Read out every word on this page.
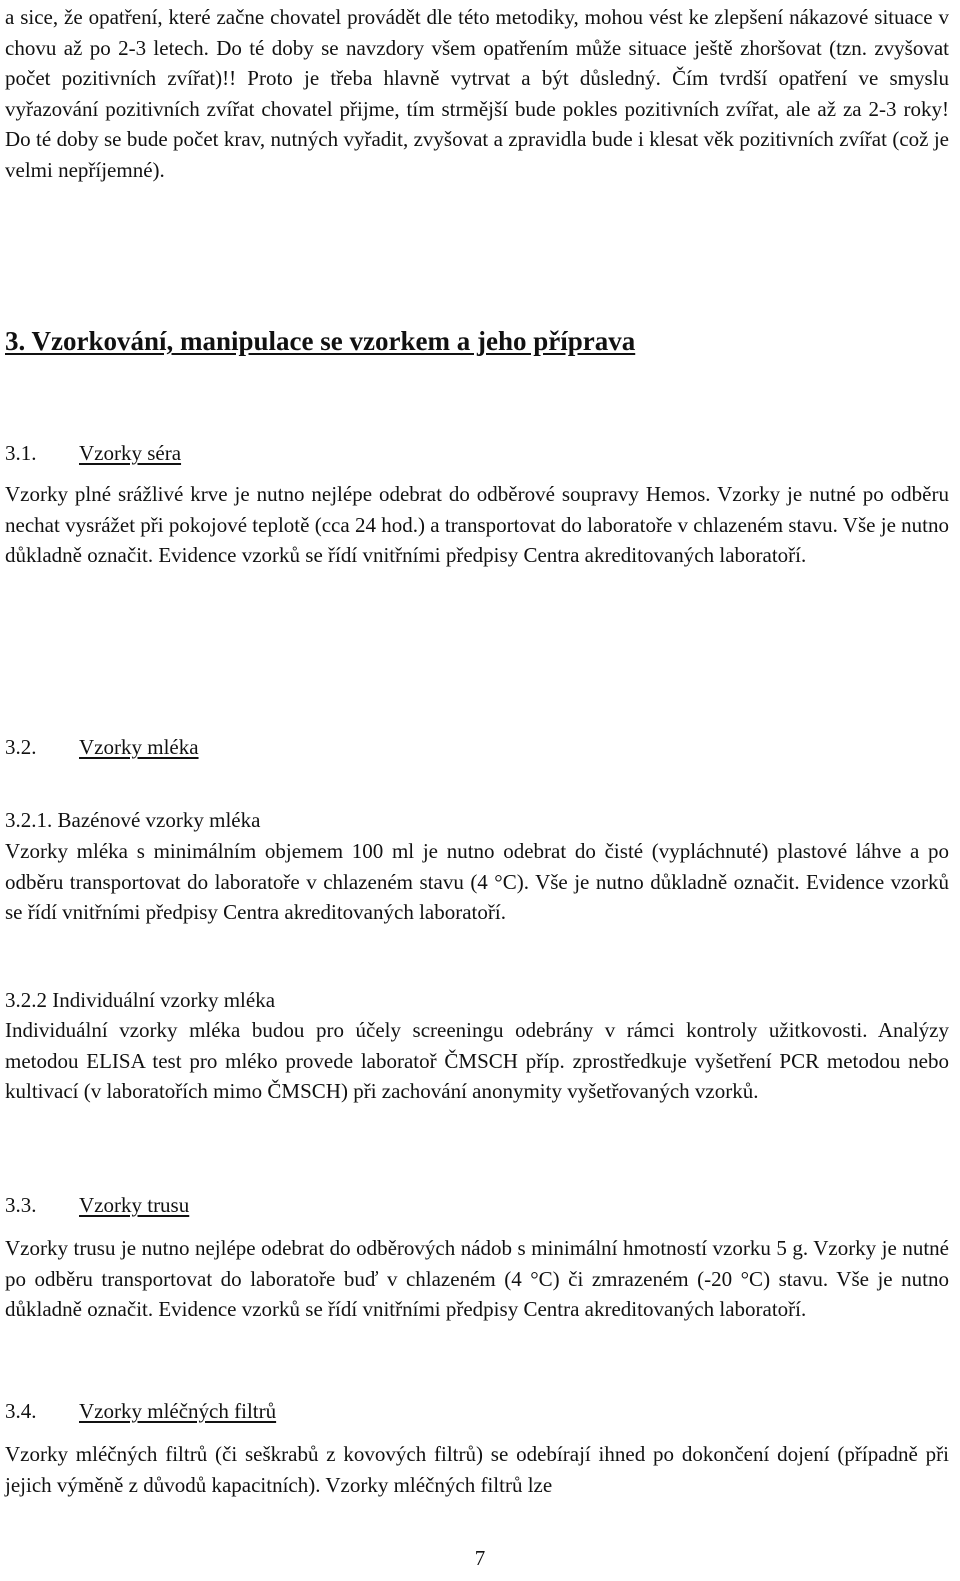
a sice, že opatření, které začne chovatel provádět dle této metodiky, mohou vést ke zlepšení nákazové situace v chovu až po 2-3 letech. Do té doby se navzdory všem opatřením může situace ještě zhoršovat (tzn. zvyšovat počet pozitivních zvířat)!! Proto je třeba hlavně vytrvat a být důsledný. Čím tvrdší opatření ve smyslu vyřazování pozitivních zvířat chovatel přijme, tím strmější bude pokles pozitivních zvířat, ale až za 2-3 roky! Do té doby se bude počet krav, nutných vyřadit, zvyšovat a zpravidla bude i klesat věk pozitivních zvířat (což je velmi nepříjemné).

3. Vzorkování, manipulace se vzorkem a jeho příprava
3.1. Vzorky séra

Vzorky plné srážlivé krve je nutno nejlépe odebrat do odběrové soupravy Hemos. Vzorky je nutné po odběru nechat vysrážet při pokojové teplotě (cca 24 hod.) a transportovat do laboratoře v chlazeném stavu. Vše je nutno důkladně označit. Evidence vzorků se řídí vnitřními předpisy Centra akreditovaných laboratoří.

3.2. Vzorky mléka
3.2.1. Bazénové vzorky mléka

Vzorky mléka s minimálním objemem 100 ml je nutno odebrat do čisté (vypláchnuté) plastové láhve a po odběru transportovat do laboratoře v chlazeném stavu (4 °C). Vše je nutno důkladně označit. Evidence vzorků se řídí vnitřními předpisy Centra akreditovaných laboratoří.

3.2.2 Individuální vzorky mléka

Individuální vzorky mléka budou pro účely screeningu odebrány v rámci kontroly užitkovosti. Analýzy metodou ELISA test pro mléko provede laboratoř ČMSCH příp. zprostředkuje vyšetření PCR metodou nebo kultivací (v laboratořích mimo ČMSCH) při zachování anonymity vyšetřovaných vzorků.

3.3. Vzorky trusu

Vzorky trusu je nutno nejlépe odebrat do odběrových nádob s minimální hmotností vzorku 5 g. Vzorky je nutné po odběru transportovat do laboratoře buď v chlazeném (4 °C) či zmrazeném (-20 °C) stavu. Vše je nutno důkladně označit. Evidence vzorků se řídí vnitřními předpisy Centra akreditovaných laboratoří.

3.4. Vzorky mléčných filtrů

Vzorky mléčných filtrů (či seškrabů z kovových filtrů) se odebírají ihned po dokončení dojení (případně při jejich výměně z důvodů kapacitních). Vzorky mléčných filtrů lze

7
